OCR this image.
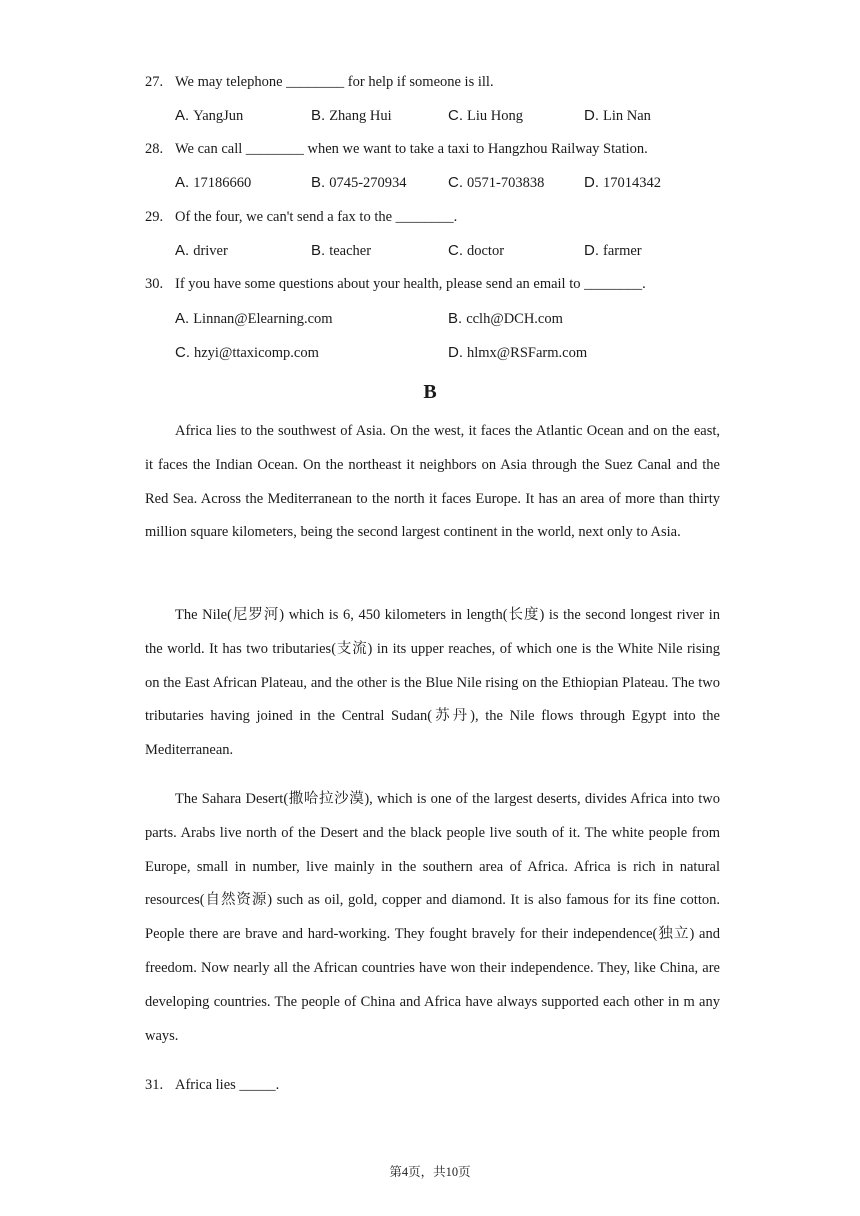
27. We may telephone ________ for help if someone is ill.
A. YangJun	B. Zhang Hui	C. Liu Hong	D. Lin Nan
28. We can call ________ when we want to take a taxi to Hangzhou Railway Station.
A. 17186660	B. 0745-270934	C. 0571-703838	D. 17014342
29. Of the four, we can't send a fax to the ________.
A. driver	B. teacher	C. doctor	D. farmer
30. If you have some questions about your health, please send an email to ________.
A. Linnan@Elearning.com	B. cclh@DCH.com
C. hzyi@ttaxicomp.com	D. hlmx@RSFarm.com
B
Africa lies to the southwest of Asia. On the west, it faces the Atlantic Ocean and on the east, it faces the Indian Ocean. On the northeast it neighbors on Asia through the Suez Canal and the Red Sea. Across the Mediterranean to the north it faces Europe. It has an area of more than thirty million square kilometers, being the second largest continent in the world, next only to Asia.
The Nile(尼罗河) which is 6, 450 kilometers in length(长度) is the second longest river in the world. It has two tributaries(支流) in its upper reaches, of which one is the White Nile rising on the East African Plateau, and the other is the Blue Nile rising on the Ethiopian Plateau. The two tributaries having joined in the Central Sudan(苏丹), the Nile flows through Egypt into the Mediterranean.
The Sahara Desert(撒哈拉沙漠), which is one of the largest deserts, divides Africa into two parts. Arabs live north of the Desert and the black people live south of it. The white people from Europe, small in number, live mainly in the southern area of Africa. Africa is rich in natural resources(自然资源) such as oil, gold, copper and diamond. It is also famous for its fine cotton. People there are brave and hard-working. They fought bravely for their independence(独立) and freedom. Now nearly all the African countries have won their independence. They, like China, are developing countries. The people of China and Africa have always supported each other in m any ways.
31. Africa lies _____.
第4页，共10页
